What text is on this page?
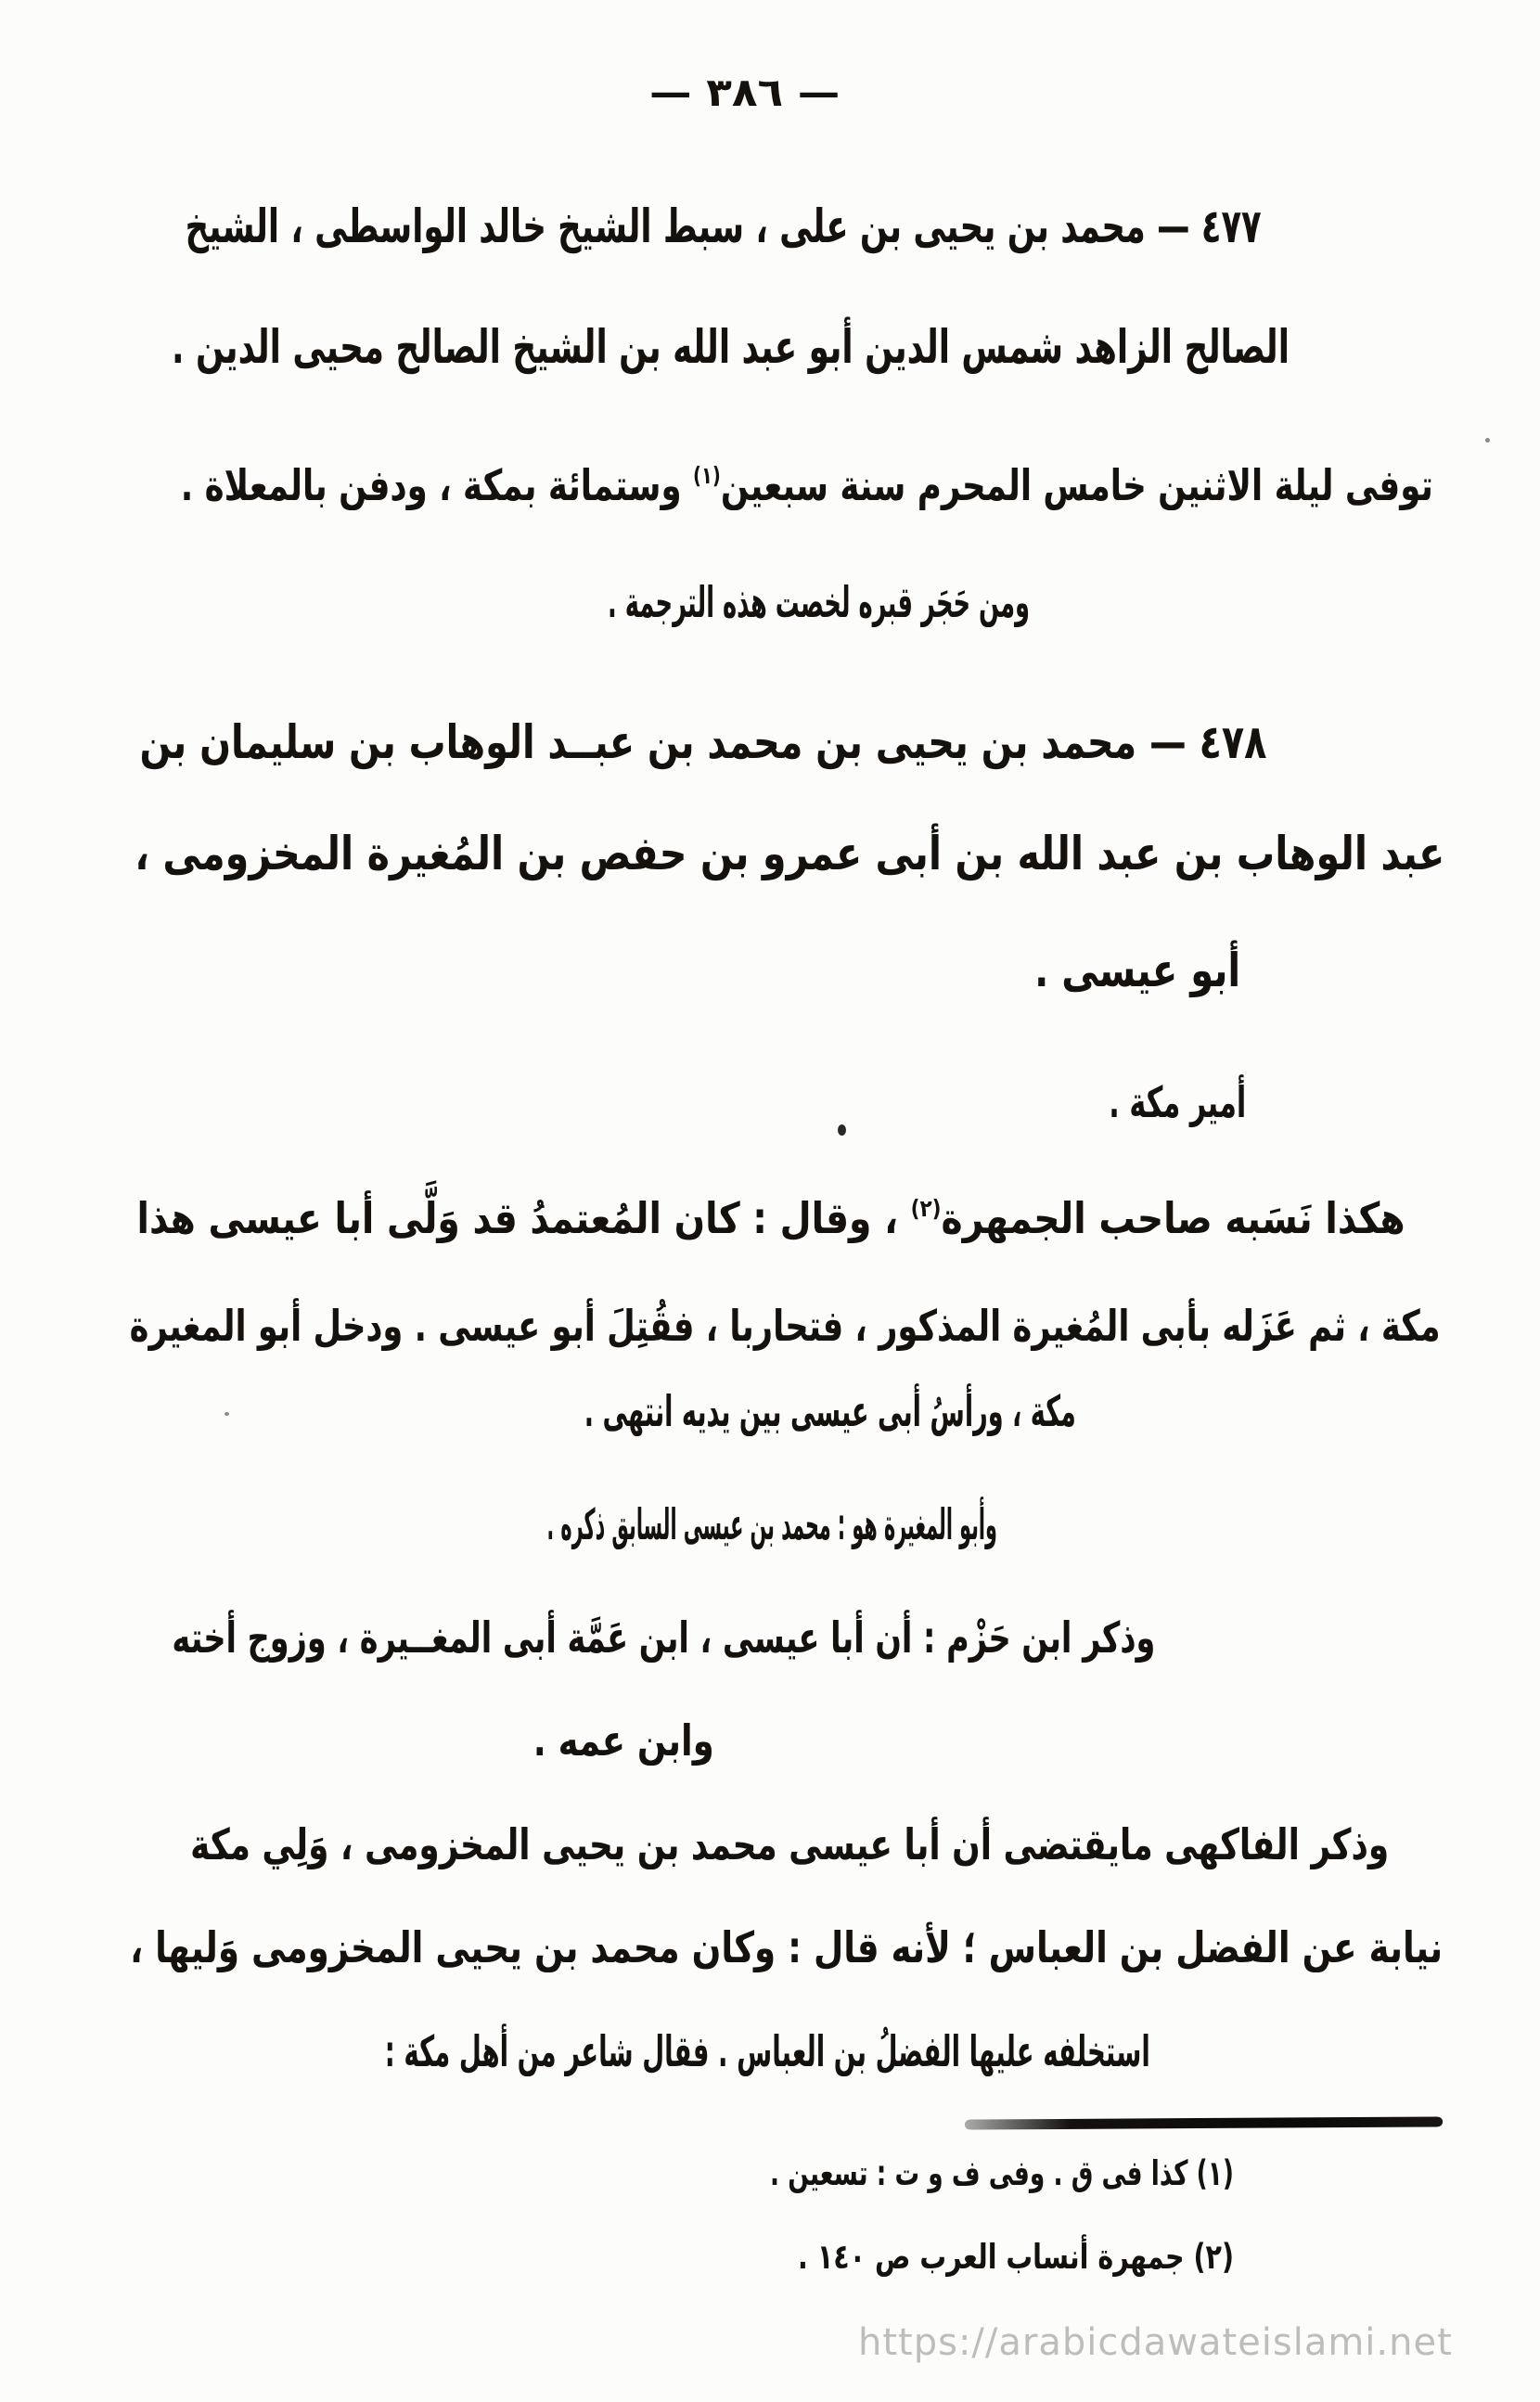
— ٣٨٦ —
٤٧٧ — محمد بن يحيى بن على ، سبط الشيخ خالد الواسطى ، الشيخ
الصالح الزاهد شمس الدين أبو عبد الله بن الشيخ الصالح محيى الدين .
توفى ليلة الاثنين خامس المحرم سنة سبعين$^{(١)}$ وستمائة بمكة ، ودفن بالمعلاة .
ومن حَجَر قبره لخصت هذه الترجمة .
٤٧٨ — محمد بن يحيى بن محمد بن عبــد الوهاب بن سليمان بن
عبد الوهاب بن عبد الله بن أبى عمرو بن حفص بن المُغيرة المخزومى ،
أبو عيسى .
أمير مكة .
هكذا نَسَبه صاحب الجمهرة$^{(٢)}$ ، وقال : كان المُعتمدُ قد وَلَّى أبا عيسى هذا
مكة ، ثم عَزَله بأبى المُغيرة المذكور ، فتحاربا ، فقُتِلَ أبو عيسى . ودخل أبو المغيرة
مكة ، ورأسُ أبى عيسى بين يديه انتهى .
وأبو المغيرة هو : محمد بن عيسى السابق ذكره .
وذكر ابن حَزْم : أن أبا عيسى ، ابن عَمَّة أبى المغــيرة ، وزوج أخته
وابن عمه .
وذكر الفاكهى مايقتضى أن أبا عيسى محمد بن يحيى المخزومى ، وَلِي مكة
نيابة عن الفضل بن العباس ؛ لأنه قال : وكان محمد بن يحيى المخزومى وَليها ،
استخلفه عليها الفضلُ بن العباس . فقال شاعر من أهل مكة :
(١) كذا فى ق . وفى ف و ت : تسعين .
(٢) جمهرة أنساب العرب ص ١٤٠ .
https://arabicdawateislami.net
